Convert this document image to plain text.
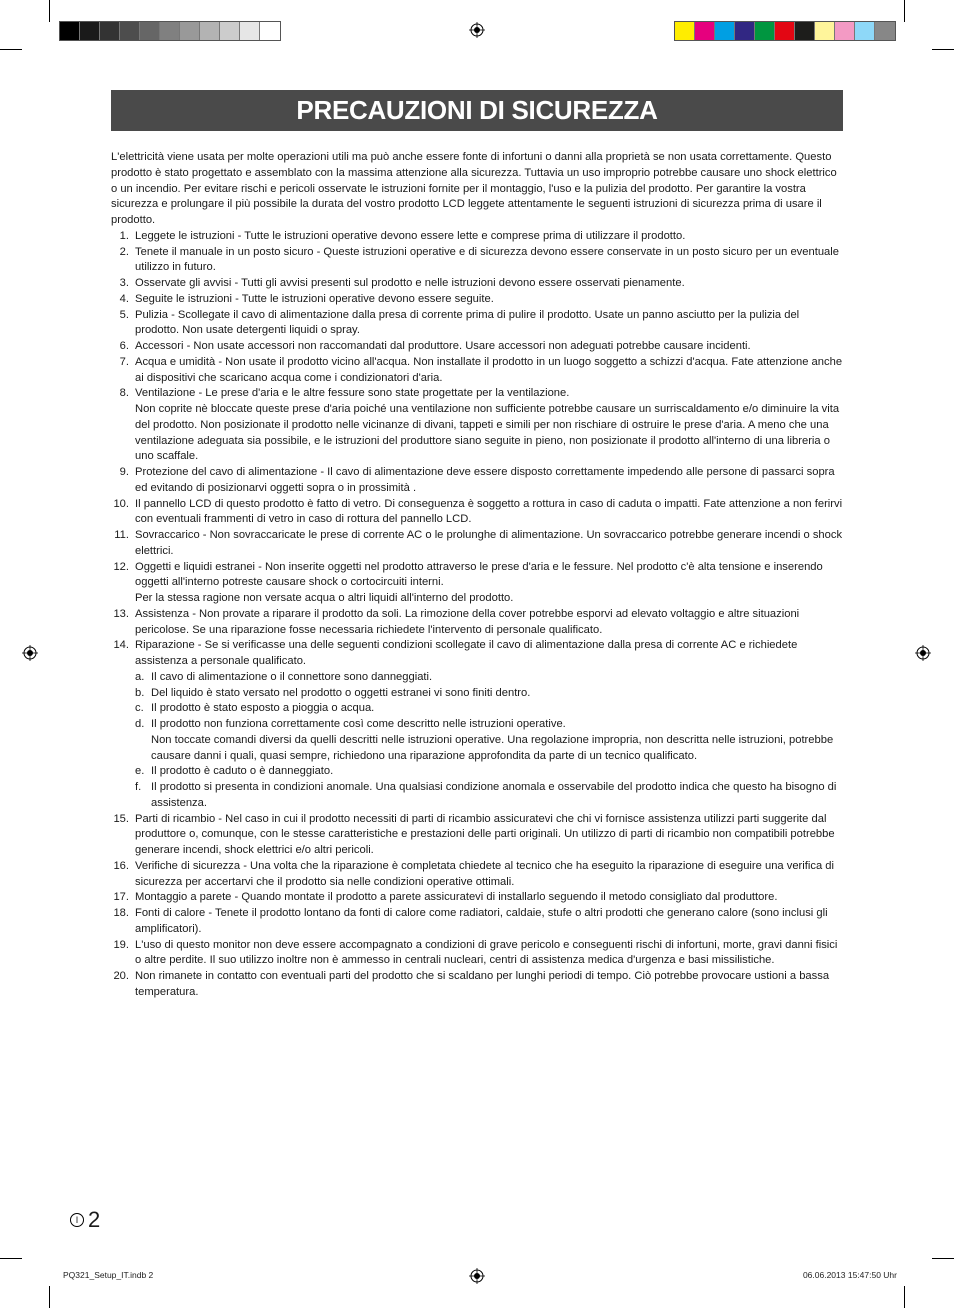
PRECAUZIONI DI SICUREZZA

L'elettricità viene usata per molte operazioni utili ma può anche essere fonte di infortuni o danni alla proprietà se non usata correttamente. Questo prodotto è stato progettato e assemblato con la massima attenzione alla sicurezza. Tuttavia un uso improprio potrebbe causare uno shock elettrico o un incendio. Per evitare rischi e pericoli osservate le istruzioni fornite per il montaggio, l'uso e la pulizia del prodotto. Per garantire la vostra sicurezza e prolungare il più possibile la durata del vostro prodotto LCD leggete attentamente le seguenti istruzioni di sicurezza prima di usare il prodotto.

1. Leggete le istruzioni - Tutte le istruzioni operative devono essere lette e comprese prima di utilizzare il prodotto.
2. Tenete il manuale in un posto sicuro - Queste istruzioni operative e di sicurezza devono essere conservate in un posto sicuro per un eventuale utilizzo in futuro.
3. Osservate gli avvisi - Tutti gli avvisi presenti sul prodotto e nelle istruzioni devono essere osservati pienamente.
4. Seguite le istruzioni - Tutte le istruzioni operative devono essere seguite.
5. Pulizia - Scollegate il cavo di alimentazione dalla presa di corrente prima di pulire il prodotto. Usate un panno asciutto per la pulizia del prodotto. Non usate detergenti liquidi o spray.
6. Accessori - Non usate accessori non raccomandati dal produttore. Usare accessori non adeguati potrebbe causare incidenti.
7. Acqua e umidità - Non usate il prodotto vicino all'acqua. Non installate il prodotto in un luogo soggetto a schizzi d'acqua. Fate attenzione anche ai dispositivi che scaricano acqua come i condizionatori d'aria.
8. Ventilazione - Le prese d'aria e le altre fessure sono state progettate per la ventilazione.
Non coprite nè bloccate queste prese d'aria poiché una ventilazione non sufficiente potrebbe causare un surriscaldamento e/o diminuire la vita del prodotto. Non posizionate il prodotto nelle vicinanze di divani, tappeti e simili per non rischiare di ostruire le prese d'aria. A meno che una ventilazione adeguata sia possibile, e le istruzioni del produttore siano seguite in pieno, non posizionate il prodotto all'interno di una libreria o uno scaffale.
9. Protezione del cavo di alimentazione - Il cavo di alimentazione deve essere disposto correttamente impedendo alle persone di passarci sopra ed evitando di posizionarvi oggetti sopra o in prossimità .
10. Il pannello LCD di questo prodotto è fatto di vetro. Di conseguenza è soggetto a rottura in caso di caduta o impatti. Fate attenzione a non ferirvi con eventuali frammenti di vetro in caso di rottura del pannello LCD.
11. Sovraccarico - Non sovraccaricate le prese di corrente AC o le prolunghe di alimentazione. Un sovraccarico potrebbe generare incendi o shock elettrici.
12. Oggetti e liquidi estranei - Non inserite oggetti nel prodotto attraverso le prese d'aria e le fessure. Nel prodotto c'è alta tensione e inserendo oggetti all'interno potreste causare shock o cortocircuiti interni.
Per la stessa ragione non versate acqua o altri liquidi all'interno del prodotto.
13. Assistenza - Non provate a riparare il prodotto da soli. La rimozione della cover potrebbe esporvi ad elevato voltaggio e altre situazioni pericolose. Se una riparazione fosse necessaria richiedete l'intervento di personale qualificato.
14. Riparazione - Se si verificasse una delle seguenti condizioni scollegate il cavo di alimentazione dalla presa di corrente AC e richiedete assistenza a personale qualificato.
a. Il cavo di alimentazione o il connettore sono danneggiati.
b. Del liquido è stato versato nel prodotto o oggetti estranei vi sono finiti dentro.
c. Il prodotto è stato esposto a pioggia o acqua.
d. Il prodotto non funziona correttamente così come descritto nelle istruzioni operative.
Non toccate comandi diversi da quelli descritti nelle istruzioni operative. Una regolazione impropria, non descritta nelle istruzioni, potrebbe causare danni i quali, quasi sempre, richiedono una riparazione approfondita da parte di un tecnico qualificato.
e. Il prodotto è caduto o è danneggiato.
f. Il prodotto si presenta in condizioni anomale. Una qualsiasi condizione anomala e osservabile del prodotto indica che questo ha bisogno di assistenza.
15. Parti di ricambio - Nel caso in cui il prodotto necessiti di parti di ricambio assicuratevi che chi vi fornisce assistenza utilizzi parti suggerite dal produttore o, comunque, con le stesse caratteristiche e prestazioni delle parti originali. Un utilizzo di parti di ricambio non compatibili potrebbe generare incendi, shock elettrici e/o altri pericoli.
16. Verifiche di sicurezza - Una volta che la riparazione è completata chiedete al tecnico che ha eseguito la riparazione di eseguire una verifica di sicurezza per accertarvi che il prodotto sia nelle condizioni operative ottimali.
17. Montaggio a parete - Quando montate il prodotto a parete assicuratevi di installarlo seguendo il metodo consigliato dal produttore.
18. Fonti di calore - Tenete il prodotto lontano da fonti di calore come radiatori, caldaie, stufe o altri prodotti che generano calore (sono inclusi gli amplificatori).
19. L'uso di questo monitor non deve essere accompagnato a condizioni di grave pericolo e conseguenti rischi di infortuni, morte, gravi danni fisici o altre perdite. Il suo utilizzo inoltre non è ammesso in centrali nucleari, centri di assistenza medica d'urgenza e basi missilistiche.
20. Non rimanete in contatto con eventuali parti del prodotto che si scaldano per lunghi periodi di tempo. Ciò potrebbe provocare ustioni a bassa temperatura.
I 2
PQ321_Setup_IT.indb 2	06.06.2013 15:47:50 Uhr
